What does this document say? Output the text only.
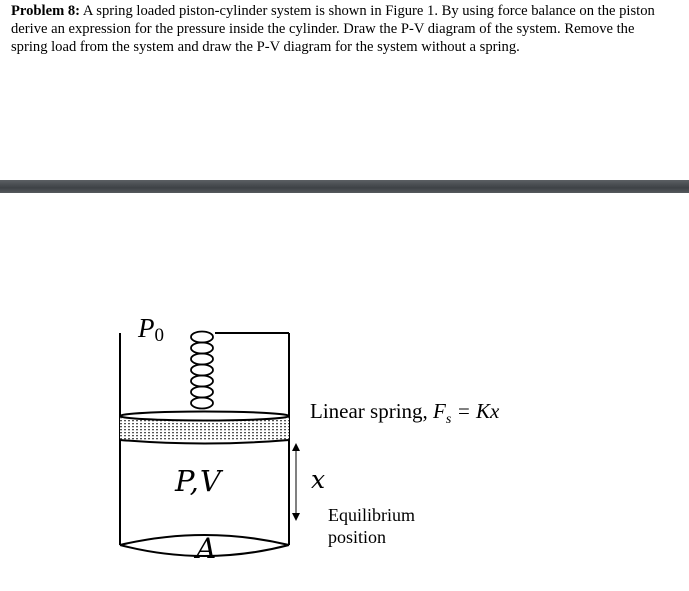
Problem 8: A spring loaded piston-cylinder system is shown in Figure 1. By using force balance on the piston derive an expression for the pressure inside the cylinder. Draw the P-V diagram of the system. Remove the spring load from the system and draw the P-V diagram for the system without a spring.
$P_0$
P,V
A
Linear spring, $F_s = Kx$
x
Equilibrium
position
